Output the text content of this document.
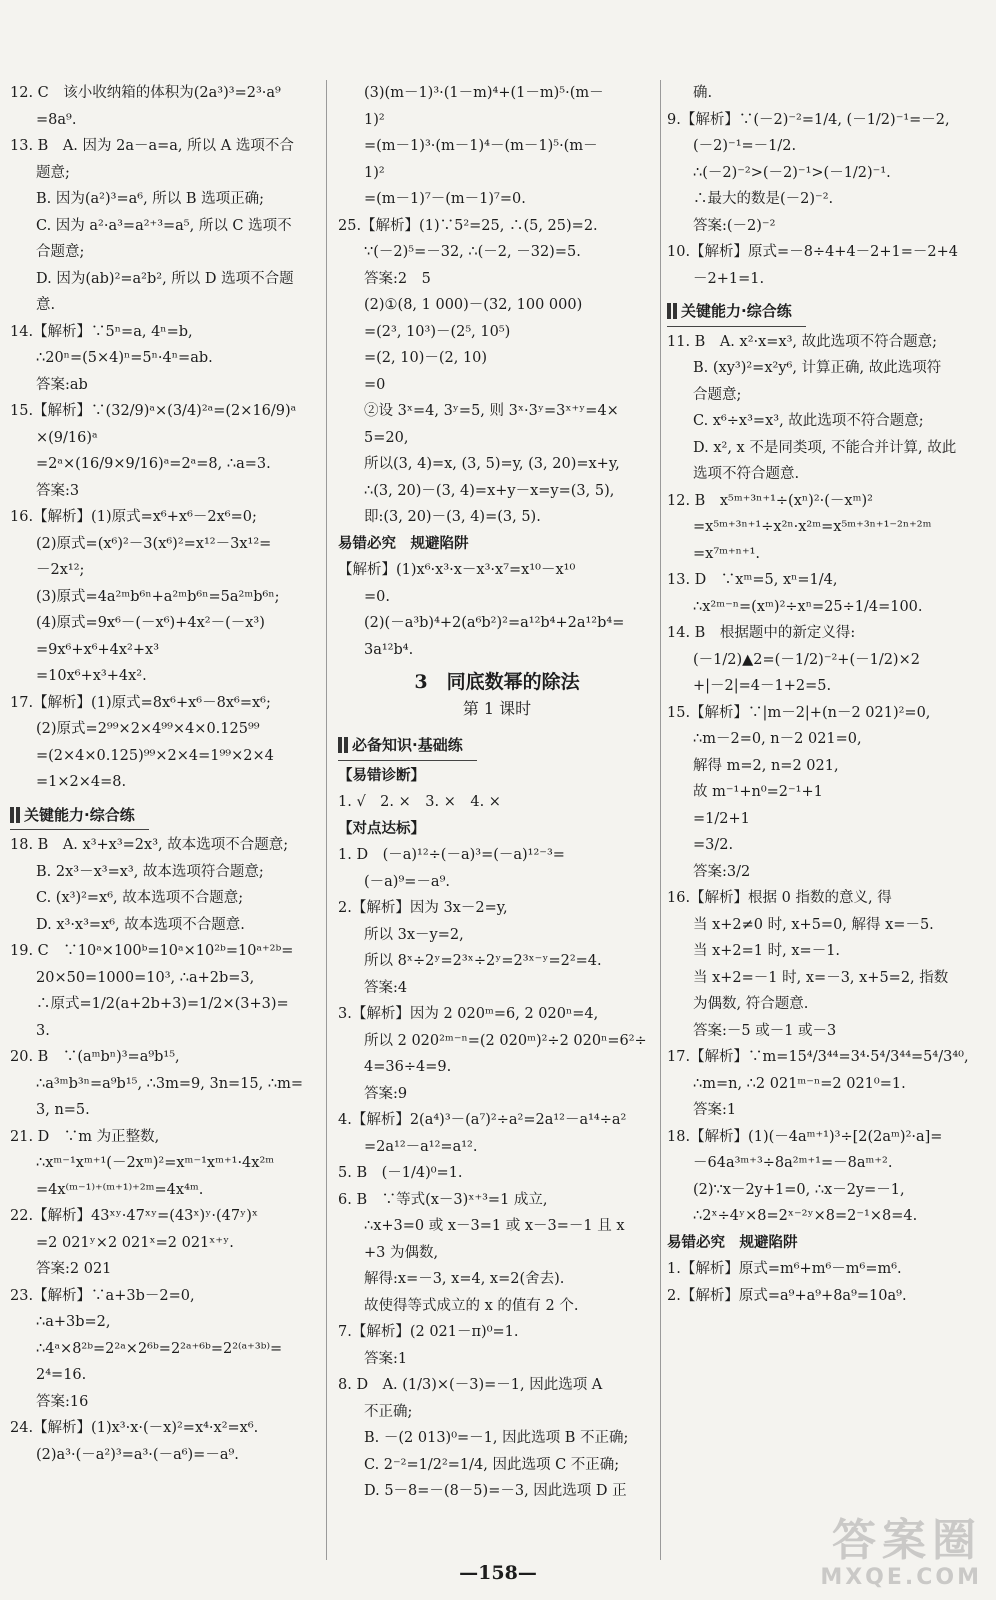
12. C　该小收纳箱的体积为(2a³)³=2³·a⁹
=8a⁹.
13. B　A. 因为 2a－a=a, 所以 A 选项不合
题意;
B. 因为(a²)³=a⁶, 所以 B 选项正确;
C. 因为 a²·a³=a²⁺³=a⁵, 所以 C 选项不
合题意;
D. 因为(ab)²=a²b², 所以 D 选项不合题
意.
14.【解析】∵5ⁿ=a, 4ⁿ=b,
∴20ⁿ=(5×4)ⁿ=5ⁿ·4ⁿ=ab.
答案:ab
15.【解析】∵(32/9)ᵃ×(3/4)²ᵃ=(2×16/9)ᵃ
×(9/16)ᵃ
=2ᵃ×(16/9×9/16)ᵃ=2ᵃ=8, ∴a=3.
答案:3
16.【解析】(1)原式=x⁶+x⁶－2x⁶=0;
(2)原式=(x⁶)²－3(x⁶)²=x¹²－3x¹²=
－2x¹²;
(3)原式=4a²ᵐb⁶ⁿ+a²ᵐb⁶ⁿ=5a²ᵐb⁶ⁿ;
(4)原式=9x⁶－(－x⁶)+4x²－(－x³)
=9x⁶+x⁶+4x²+x³
=10x⁶+x³+4x².
17.【解析】(1)原式=8x⁶+x⁶－8x⁶=x⁶;
(2)原式=2⁹⁹×2×4⁹⁹×4×0.125⁹⁹
=(2×4×0.125)⁹⁹×2×4=1⁹⁹×2×4
=1×2×4=8.
关键能力·综合练
18. B　A. x³+x³=2x³, 故本选项不合题意;
B. 2x³－x³=x³, 故本选项符合题意;
C. (x³)²=x⁶, 故本选项不合题意;
D. x³·x³=x⁶, 故本选项不合题意.
19. C　∵10ᵃ×100ᵇ=10ᵃ×10²ᵇ=10ᵃ⁺²ᵇ=
20×50=1000=10³, ∴a+2b=3,
∴原式=1/2(a+2b+3)=1/2×(3+3)=
3.
20. B　∵(aᵐbⁿ)³=a⁹b¹⁵,
∴a³ᵐb³ⁿ=a⁹b¹⁵, ∴3m=9, 3n=15, ∴m=
3, n=5.
21. D　∵m 为正整数,
∴xᵐ⁻¹xᵐ⁺¹(－2xᵐ)²=xᵐ⁻¹xᵐ⁺¹·4x²ᵐ
=4x⁽ᵐ⁻¹⁾⁺⁽ᵐ⁺¹⁾⁺²ᵐ=4x⁴ᵐ.
22.【解析】43ˣʸ·47ˣʸ=(43ˣ)ʸ·(47ʸ)ˣ
=2 021ʸ×2 021ˣ=2 021ˣ⁺ʸ.
答案:2 021
23.【解析】∵a+3b－2=0,
∴a+3b=2,
∴4ᵃ×8²ᵇ=2²ᵃ×2⁶ᵇ=2²ᵃ⁺⁶ᵇ=2²⁽ᵃ⁺³ᵇ⁾=
2⁴=16.
答案:16
24.【解析】(1)x³·x·(－x)²=x⁴·x²=x⁶.
(2)a³·(－a²)³=a³·(－a⁶)=－a⁹.
(3)(m－1)³·(1－m)⁴+(1－m)⁵·(m－
1)²
=(m－1)³·(m－1)⁴－(m－1)⁵·(m－
1)²
=(m－1)⁷－(m－1)⁷=0.
25.【解析】(1)∵5²=25, ∴(5, 25)=2.
∵(－2)⁵=－32, ∴(－2, －32)=5.
答案:2　5
(2)①(8, 1 000)－(32, 100 000)
=(2³, 10³)－(2⁵, 10⁵)
=(2, 10)－(2, 10)
=0
②设 3ˣ=4, 3ʸ=5, 则 3ˣ·3ʸ=3ˣ⁺ʸ=4×
5=20,
所以(3, 4)=x, (3, 5)=y, (3, 20)=x+y,
∴(3, 20)－(3, 4)=x+y－x=y=(3, 5),
即:(3, 20)－(3, 4)=(3, 5).
易错必究　规避陷阱
【解析】(1)x⁶·x³·x－x³·x⁷=x¹⁰－x¹⁰
=0.
(2)(－a³b)⁴+2(a⁶b²)²=a¹²b⁴+2a¹²b⁴=
3a¹²b⁴.
3　同底数幂的除法
第 1 课时
必备知识·基础练
【易错诊断】
1. √　2. ×　3. ×　4. ×
【对点达标】
1. D　(－a)¹²÷(－a)³=(－a)¹²⁻³=
(－a)⁹=－a⁹.
2.【解析】因为 3x－2=y,
所以 3x－y=2,
所以 8ˣ÷2ʸ=2³ˣ÷2ʸ=2³ˣ⁻ʸ=2²=4.
答案:4
3.【解析】因为 2 020ᵐ=6, 2 020ⁿ=4,
所以 2 020²ᵐ⁻ⁿ=(2 020ᵐ)²÷2 020ⁿ=6²÷
4=36÷4=9.
答案:9
4.【解析】2(a⁴)³－(a⁷)²÷a²=2a¹²－a¹⁴÷a²
=2a¹²－a¹²=a¹².
5. B　(－1/4)⁰=1.
6. B　∵等式(x－3)ˣ⁺³=1 成立,
∴x+3=0 或 x－3=1 或 x－3=－1 且 x
+3 为偶数,
解得:x=－3, x=4, x=2(舍去).
故使得等式成立的 x 的值有 2 个.
7.【解析】(2 021－π)⁰=1.
答案:1
8. D　A. (1/3)×(－3)=－1, 因此选项 A
不正确;
B. －(2 013)⁰=－1, 因此选项 B 不正确;
C. 2⁻²=1/2²=1/4, 因此选项 C 不正确;
D. 5－8=－(8－5)=－3, 因此选项 D 正
确.
9.【解析】∵(－2)⁻²=1/4, (－1/2)⁻¹=－2,
(－2)⁻¹=－1/2.
∴(－2)⁻²>(－2)⁻¹>(－1/2)⁻¹.
∴最大的数是(－2)⁻².
答案:(－2)⁻²
10.【解析】原式=－8÷4+4－2+1=－2+4
－2+1=1.
关键能力·综合练
11. B　A. x²·x=x³, 故此选项不符合题意;
B. (xy³)²=x²y⁶, 计算正确, 故此选项符
合题意;
C. x⁶÷x³=x³, 故此选项不符合题意;
D. x², x 不是同类项, 不能合并计算, 故此
选项不符合题意.
12. B　x⁵ᵐ⁺³ⁿ⁺¹÷(xⁿ)²·(－xᵐ)²
=x⁵ᵐ⁺³ⁿ⁺¹÷x²ⁿ·x²ᵐ=x⁵ᵐ⁺³ⁿ⁺¹⁻²ⁿ⁺²ᵐ
=x⁷ᵐ⁺ⁿ⁺¹.
13. D　∵xᵐ=5, xⁿ=1/4,
∴x²ᵐ⁻ⁿ=(xᵐ)²÷xⁿ=25÷1/4=100.
14. B　根据题中的新定义得:
(－1/2)▲2=(－1/2)⁻²+(－1/2)×2
+|－2|=4－1+2=5.
15.【解析】∵|m－2|+(n－2 021)²=0,
∴m－2=0, n－2 021=0,
解得 m=2, n=2 021,
故 m⁻¹+n⁰=2⁻¹+1
=1/2+1
=3/2.
答案:3/2
16.【解析】根据 0 指数的意义, 得
当 x+2≠0 时, x+5=0, 解得 x=－5.
当 x+2=1 时, x=－1.
当 x+2=－1 时, x=－3, x+5=2, 指数
为偶数, 符合题意.
答案:－5 或－1 或－3
17.【解析】∵m=15⁴/3⁴⁴=3⁴·5⁴/3⁴⁴=5⁴/3⁴⁰,
∴m=n, ∴2 021ᵐ⁻ⁿ=2 021⁰=1.
答案:1
18.【解析】(1)(－4aᵐ⁺¹)³÷[2(2aᵐ)²·a]=
－64a³ᵐ⁺³÷8a²ᵐ⁺¹=－8aᵐ⁺².
(2)∵x－2y+1=0, ∴x－2y=－1,
∴2ˣ÷4ʸ×8=2ˣ⁻²ʸ×8=2⁻¹×8=4.
易错必究　规避陷阱
1.【解析】原式=m⁶+m⁶－m⁶=m⁶.
2.【解析】原式=a⁹+a⁹+8a⁹=10a⁹.
—158—
答案圈
MXQE.COM
